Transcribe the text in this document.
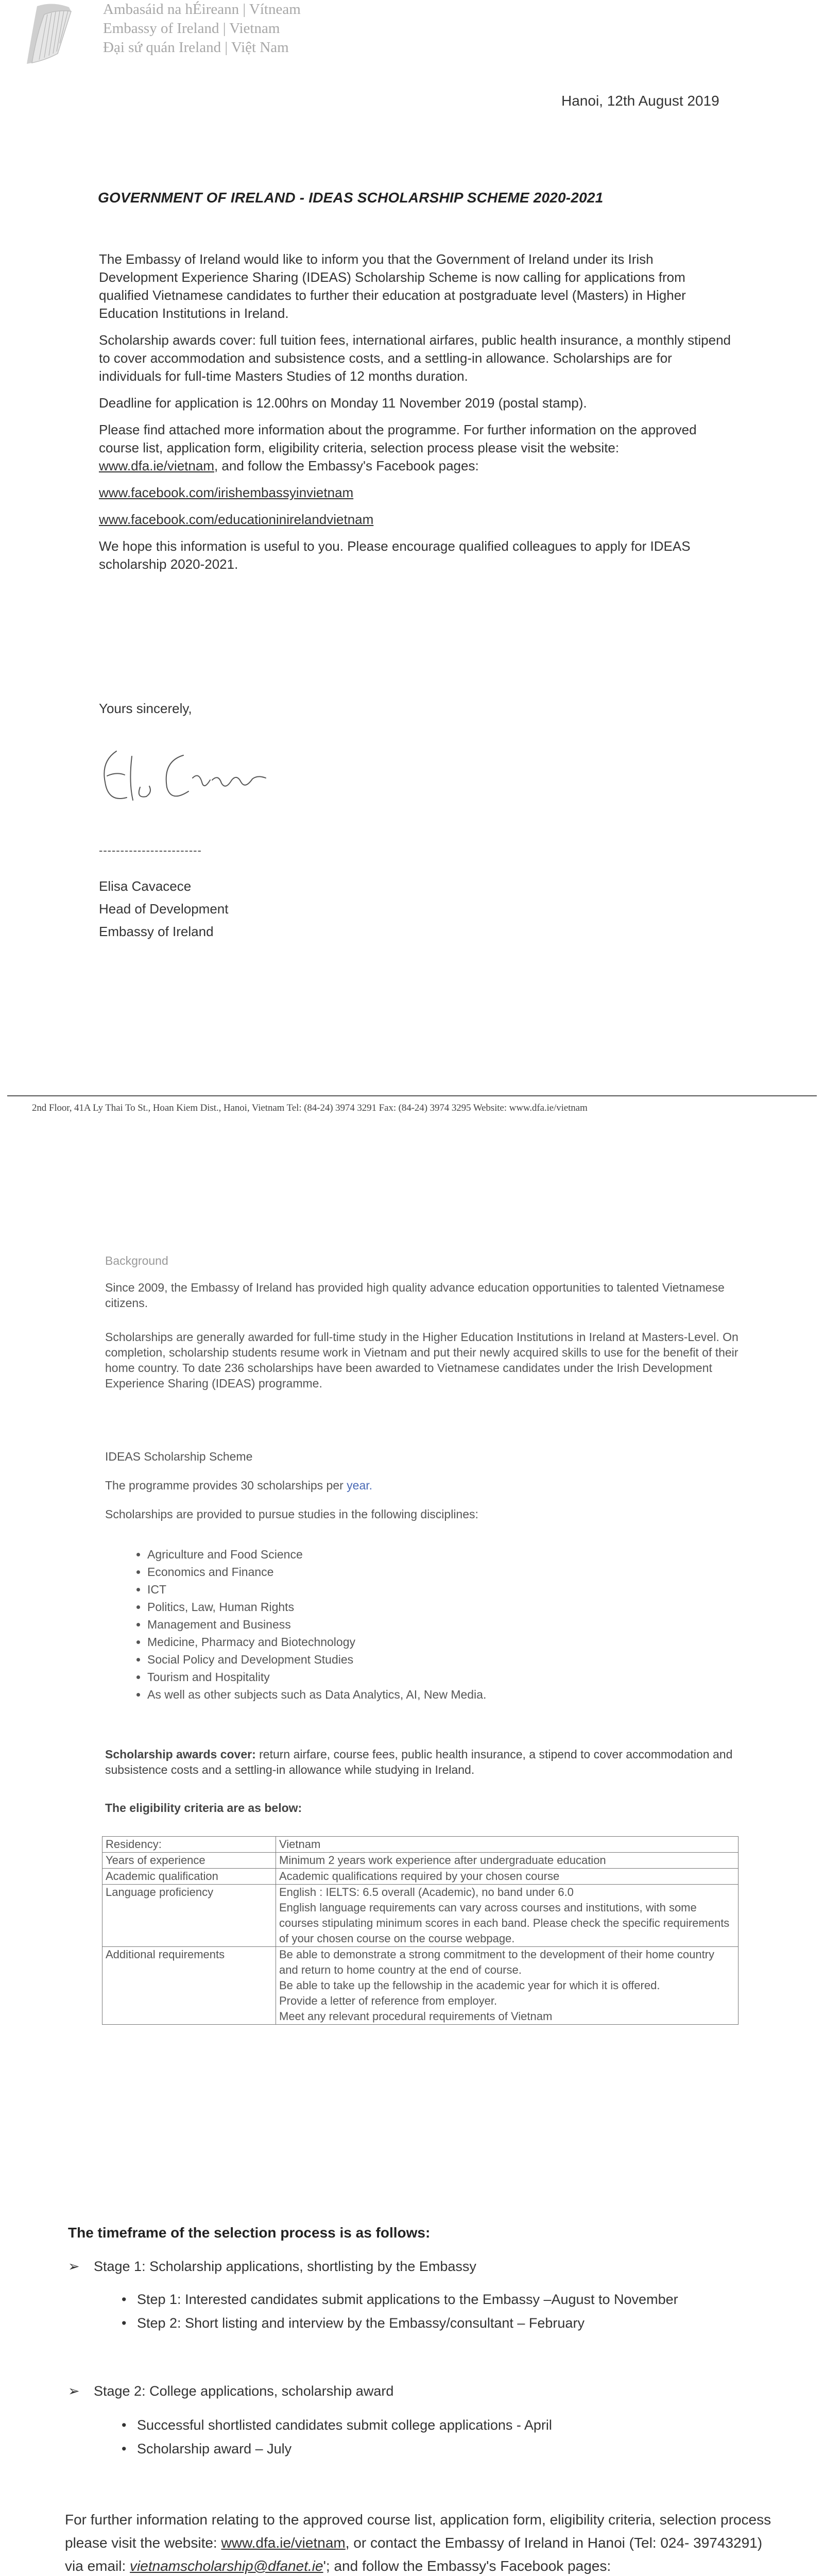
Ambasáid na hÉireann | Vítneam
Embassy of Ireland | Vietnam
Đại sứ quán Ireland | Việt Nam
Hanoi, 12th August 2019
GOVERNMENT OF IRELAND - IDEAS SCHOLARSHIP SCHEME 2020-2021

The Embassy of Ireland would like to inform you that the Government of Ireland under its Irish Development Experience Sharing (IDEAS) Scholarship Scheme is now calling for applications from qualified Vietnamese candidates to further their education at postgraduate level (Masters) in Higher Education Institutions in Ireland.

Scholarship awards cover: full tuition fees, international airfares, public health insurance, a monthly stipend to cover accommodation and subsistence costs, and a settling-in allowance. Scholarships are for individuals for full-time Masters Studies of 12 months duration.

Deadline for application is 12.00hrs on Monday 11 November 2019 (postal stamp).

Please find attached more information about the programme. For further information on the approved course list, application form, eligibility criteria, selection process please visit the website: www.dfa.ie/vietnam, and follow the Embassy's Facebook pages:

www.facebook.com/irishembassyinvietnam

www.facebook.com/educationinirelandvietnam

We hope this information is useful to you. Please encourage qualified colleagues to apply for IDEAS scholarship 2020-2021.

Yours sincerely,
------------------------
Elisa Cavacece
Head of Development
Embassy of Ireland
2nd Floor, 41A Ly Thai To St., Hoan Kiem Dist., Hanoi, Vietnam Tel: (84-24) 3974 3291 Fax: (84-24) 3974 3295 Website: www.dfa.ie/vietnam
Background
Since 2009, the Embassy of Ireland has provided high quality advance education opportunities to talented Vietnamese citizens.
Scholarships are generally awarded for full-time study in the Higher Education Institutions in Ireland at Masters-Level. On completion, scholarship students resume work in Vietnam and put their newly acquired skills to use for the benefit of their home country. To date 236 scholarships have been awarded to Vietnamese candidates under the Irish Development Experience Sharing (IDEAS) programme.
IDEAS Scholarship Scheme
The programme provides 30 scholarships per year.
Scholarships are provided to pursue studies in the following disciplines:
• Agriculture and Food Science
• Economics and Finance
• ICT
• Politics, Law, Human Rights
• Management and Business
• Medicine, Pharmacy and Biotechnology
• Social Policy and Development Studies
• Tourism and Hospitality
• As well as other subjects such as Data Analytics, AI, New Media.
Scholarship awards cover: return airfare, course fees, public health insurance, a stipend to cover accommodation and subsistence costs and a settling-in allowance while studying in Ireland.
The eligibility criteria are as below:
Residency:	Vietnam

Years of experience	Minimum 2 years work experience after undergraduate education

Academic qualification	Academic qualifications required by your chosen course

Language proficiency	English : IELTS: 6.5 overall (Academic), no band under 6.0
English language requirements can vary across courses and institutions, with some courses stipulating minimum scores in each band. Please check the specific requirements of your chosen course on the course webpage.

Additional requirements	Be able to demonstrate a strong commitment to the development of their home country and return to home country at the end of course.
Be able to take up the fellowship in the academic year for which it is offered.
Provide a letter of reference from employer.
Meet any relevant procedural requirements of Vietnam
The timeframe of the selection process is as follows:
➢ Stage 1: Scholarship applications, shortlisting by the Embassy
• Step 1: Interested candidates submit applications to the Embassy –August to November
• Step 2: Short listing and interview by the Embassy/consultant – February
➢ Stage 2: College applications, scholarship award
• Successful shortlisted candidates submit college applications - April
• Scholarship award – July
For further information relating to the approved course list, application form, eligibility criteria, selection process please visit the website: www.dfa.ie/vietnam, or contact the Embassy of Ireland in Hanoi (Tel: 024- 39743291) via email: vietnamscholarship@dfanet.ie'; and follow the Embassy's Facebook pages:
